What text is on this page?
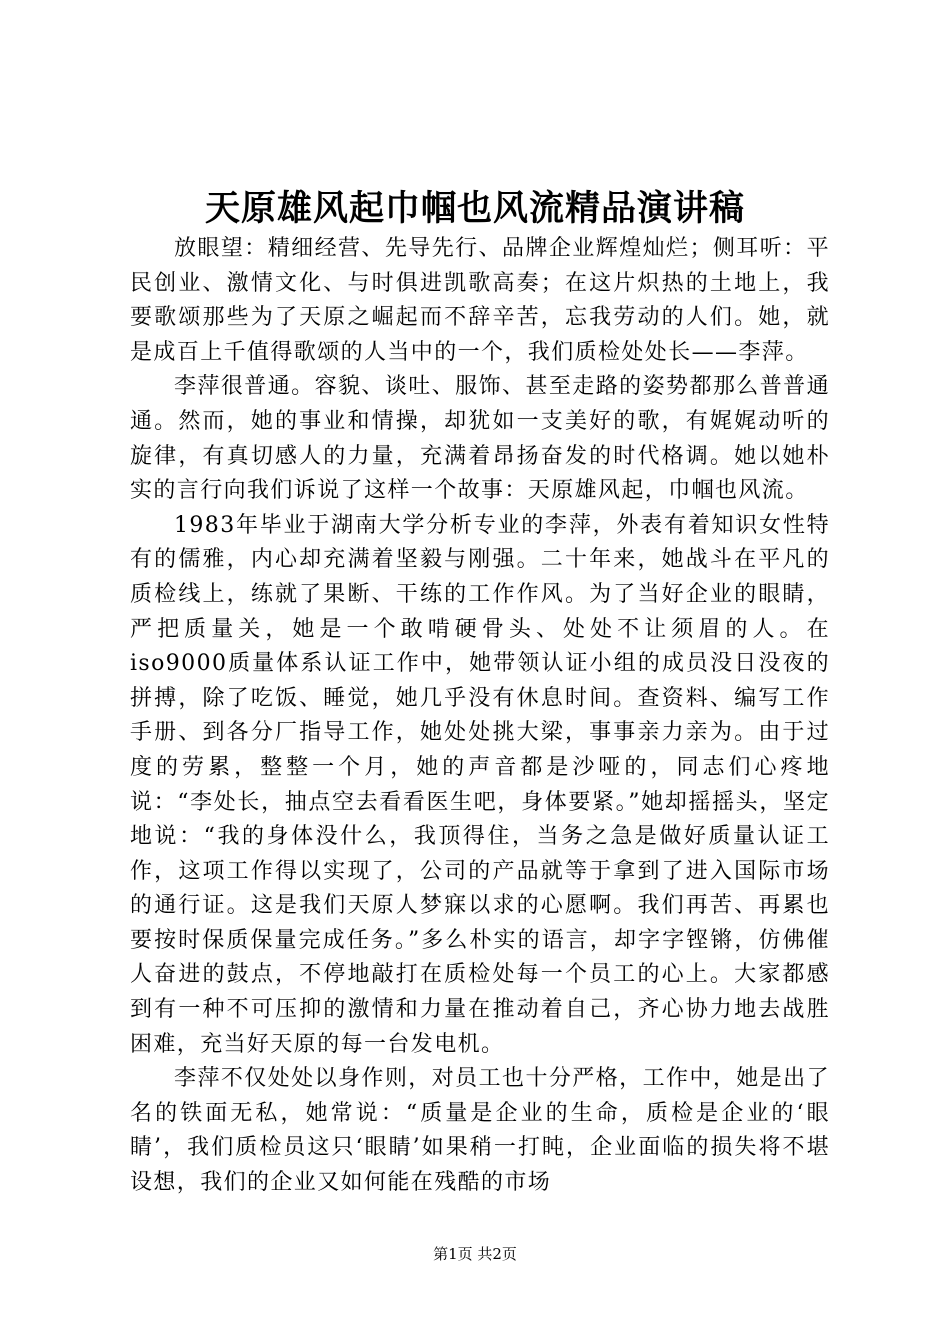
天原雄风起巾帼也风流精品演讲稿

放眼望：精细经营、先导先行、品牌企业辉煌灿烂；侧耳听：平民创业、激情文化、与时俱进凯歌高奏；在这片炽热的土地上，我要歌颂那些为了天原之崛起而不辞辛苦，忘我劳动的人们。她，就是成百上千值得歌颂的人当中的一个，我们质检处处长——李萍。

李萍很普通。容貌、谈吐、服饰、甚至走路的姿势都那么普普通通。然而，她的事业和情操，却犹如一支美好的歌，有娓娓动听的旋律，有真切感人的力量，充满着昂扬奋发的时代格调。她以她朴实的言行向我们诉说了这样一个故事：天原雄风起，巾帼也风流。

1983年毕业于湖南大学分析专业的李萍，外表有着知识女性特有的儒雅，内心却充满着坚毅与刚强。二十年来，她战斗在平凡的质检线上，练就了果断、干练的工作作风。为了当好企业的眼睛，严把质量关，她是一个敢啃硬骨头、处处不让须眉的人。在iso9000质量体系认证工作中，她带领认证小组的成员没日没夜的拼搏，除了吃饭、睡觉，她几乎没有休息时间。查资料、编写工作手册、到各分厂指导工作，她处处挑大梁，事事亲力亲为。由于过度的劳累，整整一个月，她的声音都是沙哑的，同志们心疼地说：“李处长，抽点空去看看医生吧，身体要紧。”她却摇摇头，坚定地说：“我的身体没什么，我顶得住，当务之急是做好质量认证工作，这项工作得以实现了，公司的产品就等于拿到了进入国际市场的通行证。这是我们天原人梦寐以求的心愿啊。我们再苦、再累也要按时保质保量完成任务。”多么朴实的语言，却字字铿锵，仿佛催人奋进的鼓点，不停地敲打在质检处每一个员工的心上。大家都感到有一种不可压抑的激情和力量在推动着自己，齐心协力地去战胜困难，充当好天原的每一台发电机。

李萍不仅处处以身作则，对员工也十分严格，工作中，她是出了名的铁面无私，她常说：“质量是企业的生命，质检是企业的‘眼睛’，我们质检员这只‘眼睛’如果稍一打盹，企业面临的损失将不堪设想，我们的企业又如何能在残酷的市场

第1页 共2页
